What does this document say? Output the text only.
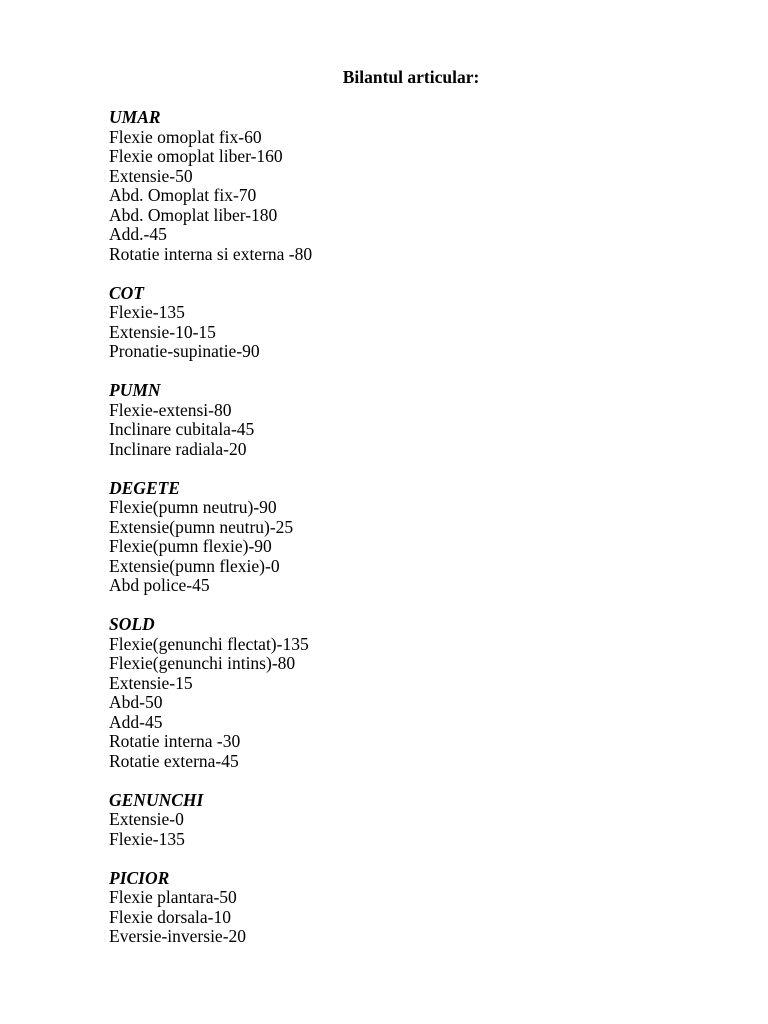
Bilantul articular:
UMAR
Flexie omoplat fix-60
Flexie omoplat liber-160
Extensie-50
Abd. Omoplat fix-70
Abd. Omoplat liber-180
Add.-45
Rotatie interna si externa -80
COT
Flexie-135
Extensie-10-15
Pronatie-supinatie-90
PUMN
Flexie-extensi-80
Inclinare cubitala-45
Inclinare radiala-20
DEGETE
Flexie(pumn neutru)-90
Extensie(pumn neutru)-25
Flexie(pumn flexie)-90
Extensie(pumn flexie)-0
Abd police-45
SOLD
Flexie(genunchi flectat)-135
Flexie(genunchi intins)-80
Extensie-15
Abd-50
Add-45
Rotatie interna -30
Rotatie externa-45
GENUNCHI
Extensie-0
Flexie-135
PICIOR
Flexie plantara-50
Flexie dorsala-10
Eversie-inversie-20
